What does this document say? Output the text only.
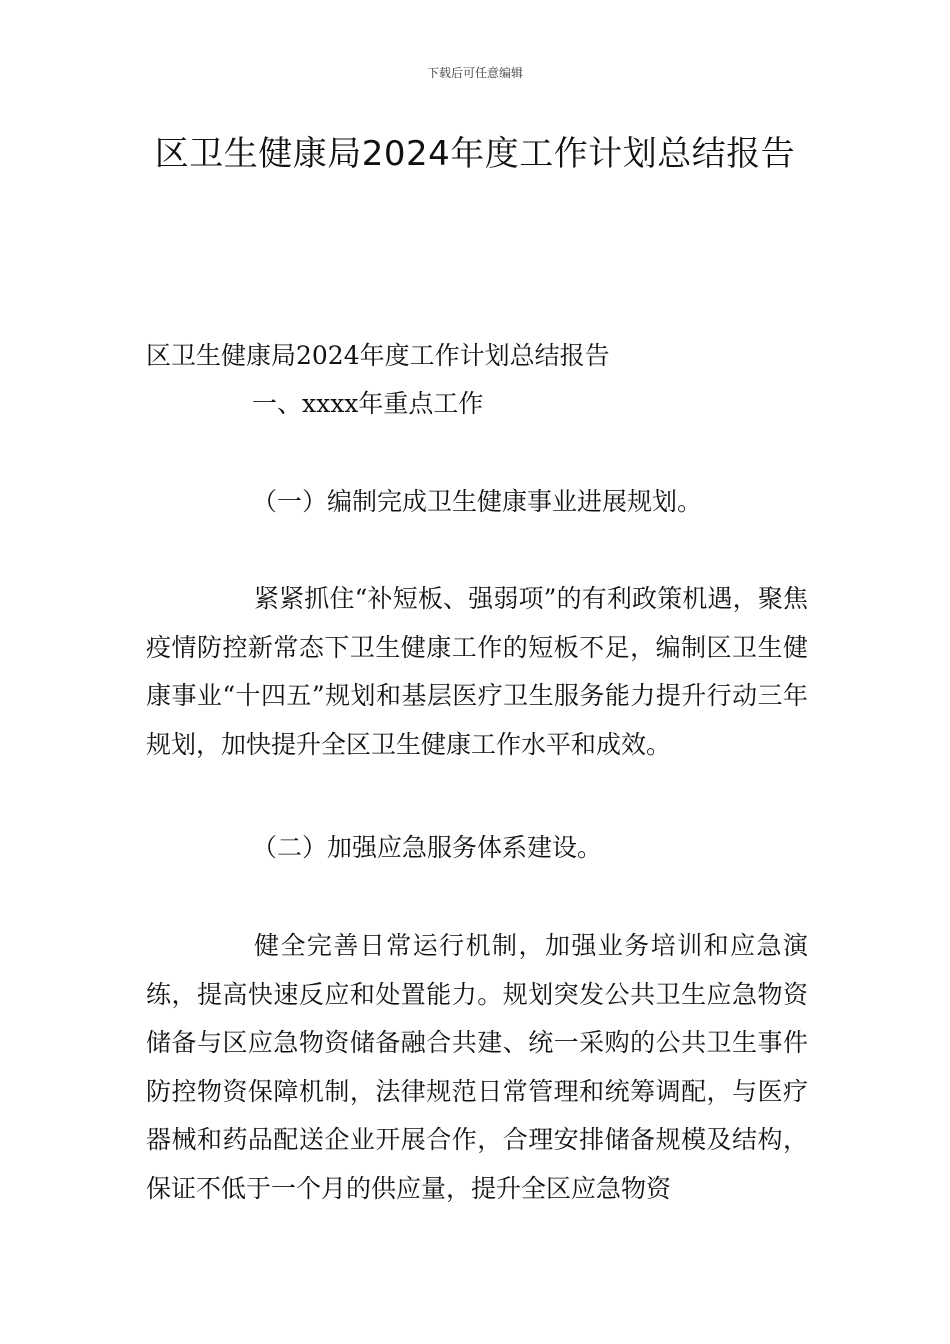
下载后可任意编辑
区卫生健康局2024年度工作计划总结报告
区卫生健康局2024年度工作计划总结报告
一、xxxx年重点工作
（一）编制完成卫生健康事业进展规划。

紧紧抓住“补短板、强弱项”的有利政策机遇，聚焦疫情防控新常态下卫生健康工作的短板不足，编制区卫生健康事业“十四五”规划和基层医疗卫生服务能力提升行动三年规划，加快提升全区卫生健康工作水平和成效。

（二）加强应急服务体系建设。

健全完善日常运行机制，加强业务培训和应急演练，提高快速反应和处置能力。规划突发公共卫生应急物资储备与区应急物资储备融合共建、统一采购的公共卫生事件防控物资保障机制，法律规范日常管理和统筹调配，与医疗器械和药品配送企业开展合作，合理安排储备规模及结构，保证不低于一个月的供应量，提升全区应急物资
